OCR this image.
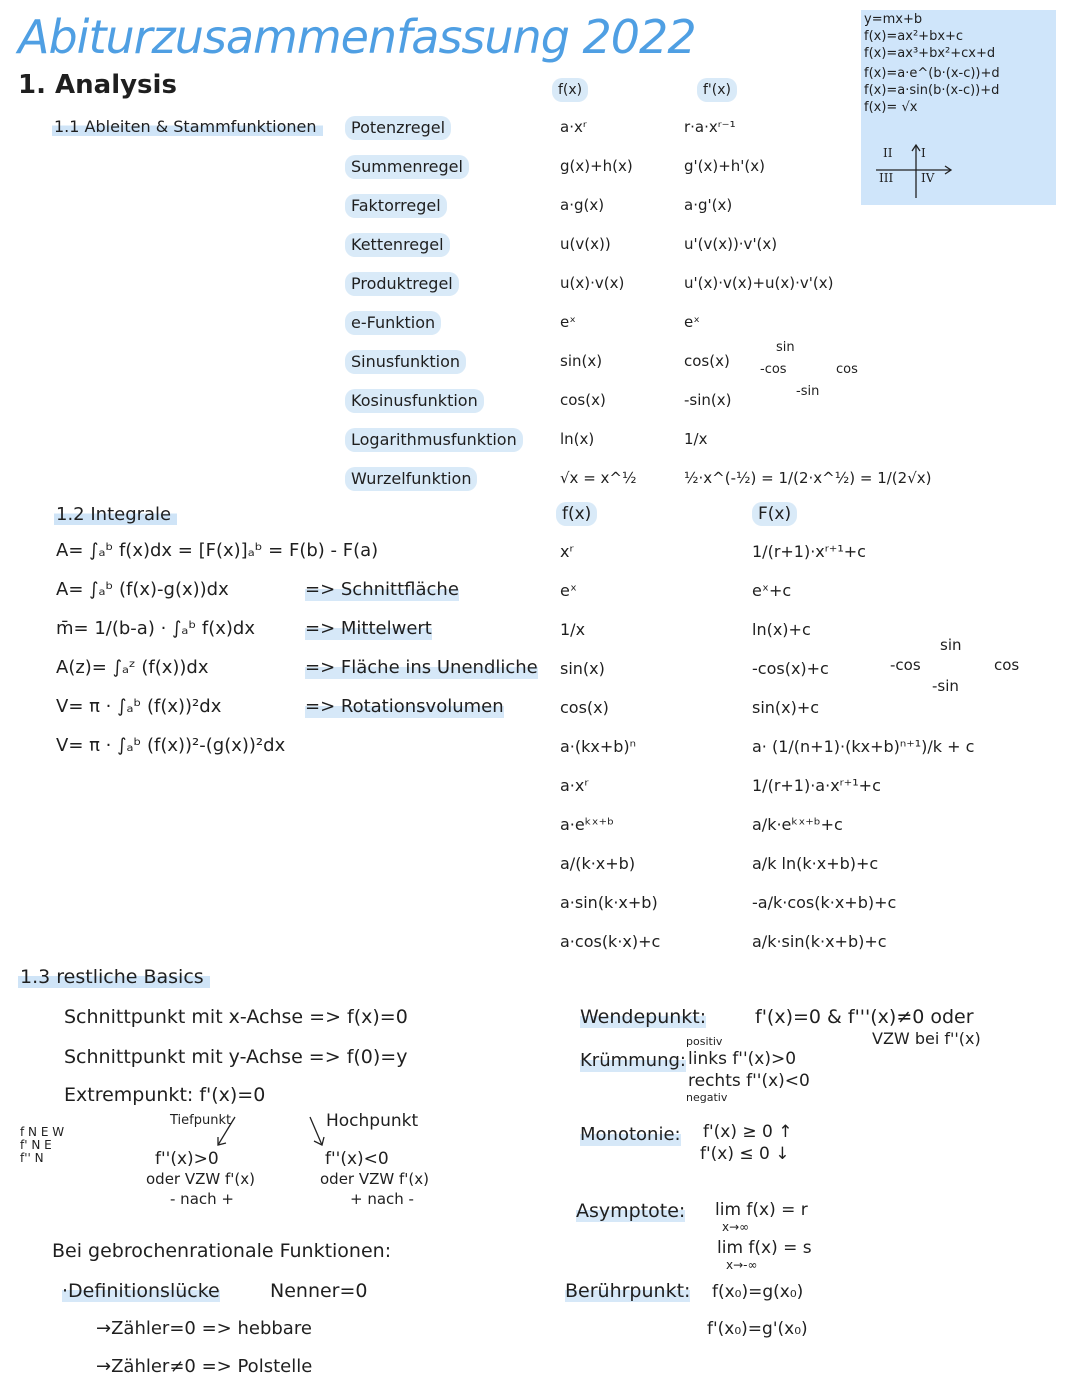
Abiturzusammenfassung 2022
1. Analysis
1.1 Ableiten & Stammfunktionen
f(x)	f'(x)
Potenzregel	a·xʳ	r·a·xʳ⁻¹
Summenregel	g(x)+h(x)	g'(x)+h'(x)
Faktorregel	a·g(x)	a·g'(x)
Kettenregel	u(v(x))	u'(v(x))·v'(x)
Produktregel	u(x)·v(x)	u'(x)·v(x)+u(x)·v'(x)
e-Funktion	eˣ	eˣ
Sinusfunktion	sin(x)	cos(x)
Kosinusfunktion	cos(x)	-sin(x)
Logarithmusfunktion	ln(x)	1/x
Wurzelfunktion	√x = x^½	½·x^(-½) = 1/(2·x^½) = 1/(2√x)
sin
cos
-sin
-cos
y=mx+b
f(x)=ax²+bx+c
f(x)=ax³+bx²+cx+d
f(x)=a·e^(b·(x-c))+d
f(x)=a·sin(b·(x-c))+d
f(x)= √x
II I
III IV
1.2 Integrale
A= ∫ₐᵇ f(x)dx = [F(x)]ₐᵇ = F(b) - F(a)
A= ∫ₐᵇ (f(x)-g(x))dx	=> Schnittfläche
m̄= 1/(b-a) · ∫ₐᵇ f(x)dx	=> Mittelwert
A(z)= ∫ₐᶻ (f(x))dx	=> Fläche ins Unendliche
V= π · ∫ₐᵇ (f(x))²dx	=> Rotationsvolumen
V= π · ∫ₐᵇ (f(x))²-(g(x))²dx
f(x)	F(x)
xʳ	1/(r+1)·xʳ⁺¹+c
eˣ	eˣ+c
1/x	ln(x)+c
sin(x)	-cos(x)+c
cos(x)	sin(x)+c
a·(kx+b)ⁿ	a· (1/(n+1)·(kx+b)ⁿ⁺¹)/k + c
a·xʳ	1/(r+1)·a·xʳ⁺¹+c
a·eᵏˣ⁺ᵇ	a/k·eᵏˣ⁺ᵇ+c
a/(k·x+b)	a/k ln(k·x+b)+c
a·sin(k·x+b)	-a/k·cos(k·x+b)+c
a·cos(k·x)+c	a/k·sin(k·x+b)+c
sin
cos
-sin
-cos
1.3 restliche Basics
Schnittpunkt mit x-Achse => f(x)=0
Schnittpunkt mit y-Achse => f(0)=y
Extrempunkt: f'(x)=0
f N E W
f' N E
f'' N
Tiefpunkt
f''(x)>0
oder VZW f'(x)
- nach +
Hochpunkt
f''(x)<0
oder VZW f'(x)
+ nach -
Bei gebrochenrationale Funktionen:
·Definitionslücke	Nenner=0
→Zähler=0 => hebbare
→Zähler≠0 => Polstelle
Wendepunkt:	f'(x)=0 & f'''(x)≠0 oder
VZW bei f''(x)
Krümmung:
positiv
links f''(x)>0
rechts f''(x)<0
negativ
Monotonie: f'(x) ≥ 0 ↑
f'(x) ≤ 0 ↓
Asymptote: lim f(x) = r
x→∞
lim f(x) = s
x→-∞
Berührpunkt: f(x₀)=g(x₀)
f'(x₀)=g'(x₀)
